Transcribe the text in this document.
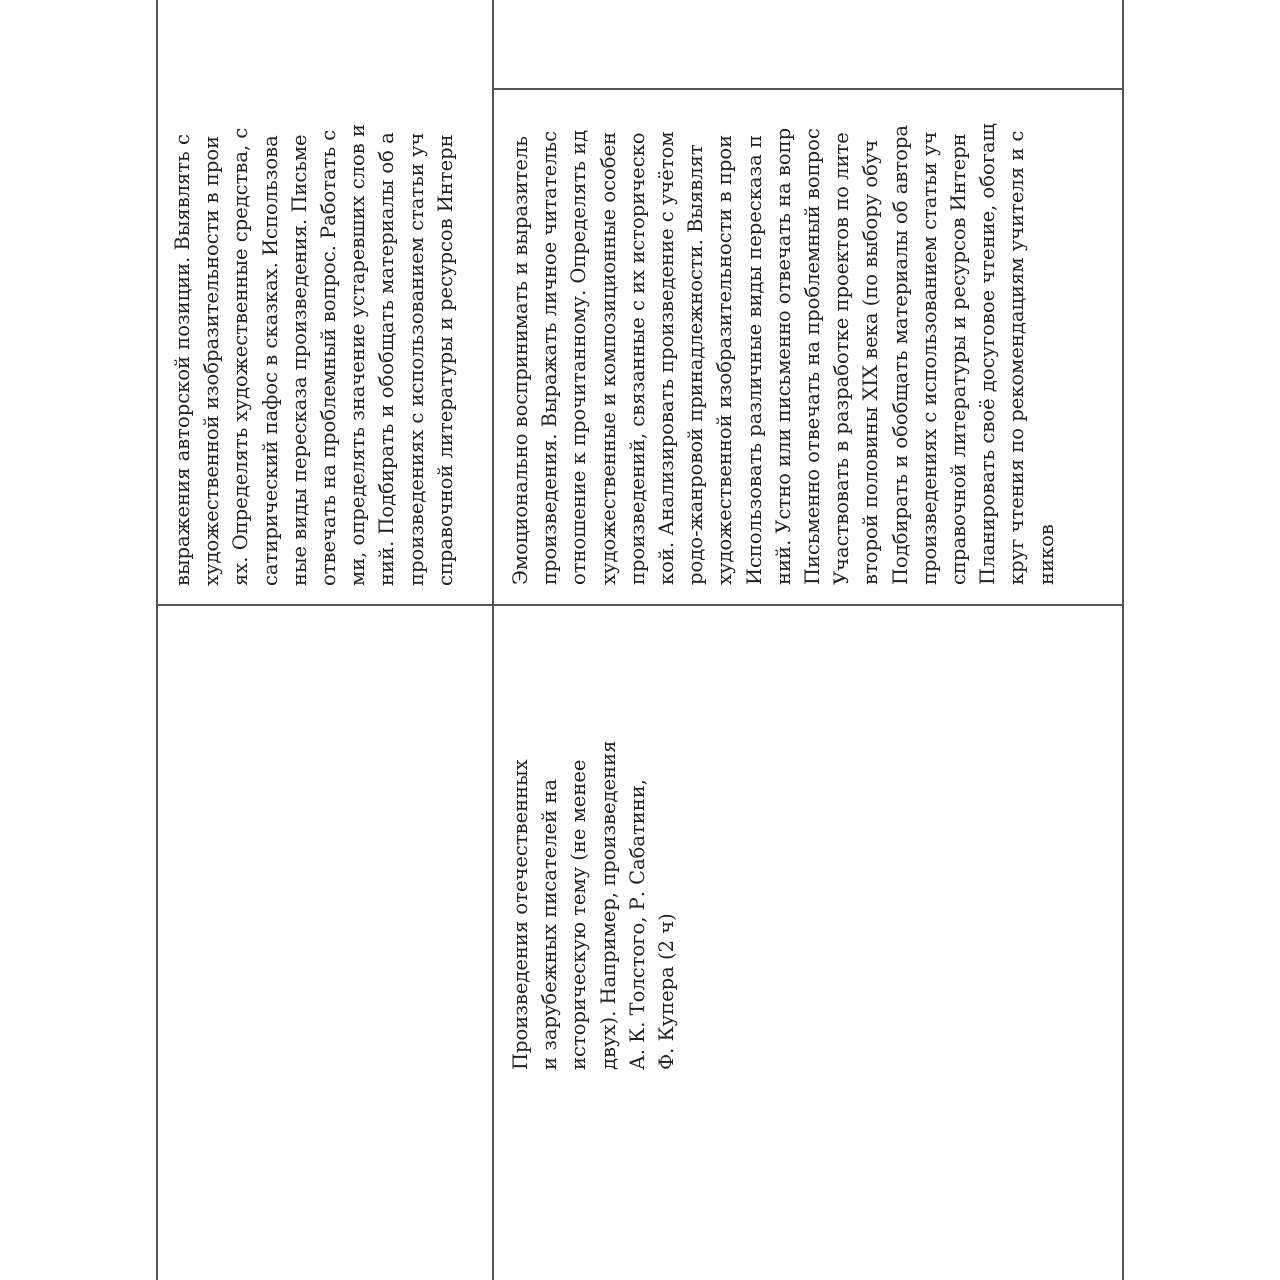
выражения авторской позиции. Выявлять с
художественной изобразительности в прои
ях. Определять художественные средства, с
сатирический пафос в сказках. Использова
ные виды пересказа произведения. Письме
отвечать на проблемный вопрос. Работать с
ми, определять значение устаревших слов и
ний. Подбирать и обобщать материалы об а
произведениях с использованием статьи уч
справочной литературы и ресурсов Интерн
Произведения отечественных
и зарубежных писателей на
историческую тему (не менее
двух). Например, произведения
А. К. Толстого, Р. Сабатини,
Ф. Купера (2 ч)
Эмоционально воспринимать и выразитель
произведения. Выражать личное читательс
отношение к прочитанному. Определять ид
художественные и композиционные особен
произведений, связанные с их историческо
кой. Анализировать произведение с учётом
родо-жанровой принадлежности. Выявлят
художественной изобразительности в прои
Использовать различные виды пересказа п
ний. Устно или письменно отвечать на вопр
Письменно отвечать на проблемный вопрос
Участвовать в разработке проектов по лите
второй половины XIX века (по выбору обуч
Подбирать и обобщать материалы об автора
произведениях с использованием статьи уч
справочной литературы и ресурсов Интерн
Планировать своё досуговое чтение, обогащ
круг чтения по рекомендациям учителя и с
ников
